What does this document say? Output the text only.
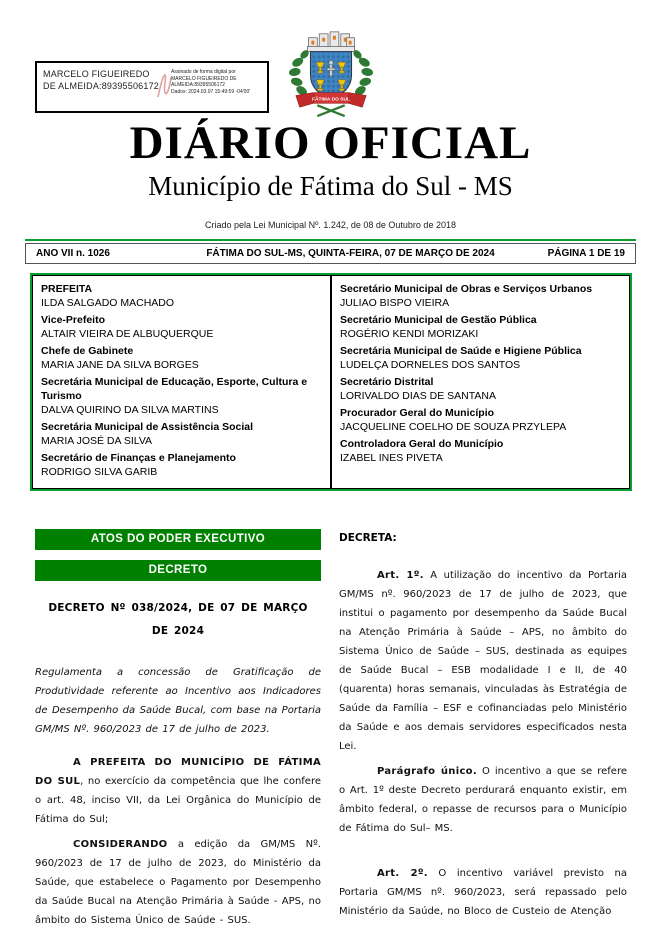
MARCELO FIGUEIREDO DE ALMEIDA:89395506172
Assinado de forma digital por
MARCELO FIGUEIREDO DE ALMEIDA:89395506172
Dados: 2024.03.07 15:49:59 -04'00'
FÁTIMA DO SUL
DIÁRIO OFICIAL
Município de Fátima do Sul - MS
Criado pela Lei Municipal Nº. 1.242, de 08 de Outubro de 2018
ANO VII n. 1026	FÁTIMA DO SUL-MS, QUINTA-FEIRA, 07 DE MARÇO DE 2024	PÁGINA 1 DE 19
PREFEITA
ILDA SALGADO MACHADO
Vice-Prefeito
ALTAIR VIEIRA DE ALBUQUERQUE
Chefe de Gabinete
MARIA JANE DA SILVA BORGES
Secretária Municipal de Educação, Esporte, Cultura e Turismo
DALVA QUIRINO DA SILVA MARTINS
Secretária Municipal de Assistência Social
MARIA JOSÉ DA SILVA
Secretário de Finanças e Planejamento
RODRIGO SILVA GARIB
Secretário Municipal de Obras e Serviços Urbanos
JULIAO BISPO VIEIRA
Secretário Municipal de Gestão Pública
ROGÉRIO KENDI MORIZAKI
Secretária Municipal de Saúde e Higiene Pública
LUDELÇA DORNELES DOS SANTOS
Secretário Distrital
LORIVALDO DIAS DE SANTANA
Procurador Geral do Município
JACQUELINE COELHO DE SOUZA PRZYLEPA
Controladora Geral do Município
IZABEL INES PIVETA
ATOS DO PODER EXECUTIVO
DECRETO
DECRETO Nº 038/2024, DE 07 DE MARÇO DE 2024

Regulamenta a concessão de Gratificação de Produtividade referente ao Incentivo aos Indicadores de Desempenho da Saúde Bucal, com base na Portaria GM/MS Nº. 960/2023 de 17 de julho de 2023.

A PREFEITA DO MUNICÍPIO DE FÁTIMA DO SUL, no exercício da competência que lhe confere o art. 48, inciso VII, da Lei Orgânica do Município de Fátima do Sul;

CONSIDERANDO a edição da GM/MS Nº. 960/2023 de 17 de julho de 2023, do Ministério da Saúde, que estabelece o Pagamento por Desempenho da Saúde Bucal na Atenção Primária à Saúde - APS, no âmbito do Sistema Único de Saúde - SUS.

DECRETA:

Art. 1º. A utilização do incentivo da Portaria GM/MS nº. 960/2023 de 17 de julho de 2023, que institui o pagamento por desempenho da Saúde Bucal na Atenção Primária à Saúde – APS, no âmbito do Sistema Único de Saúde – SUS, destinada as equipes de Saúde Bucal – ESB modalidade I e II, de 40 (quarenta) horas semanais, vinculadas às Estratégia de Saúde da Família – ESF e cofinanciadas pelo Ministério da Saúde e aos demais servidores especificados nesta Lei.

Parágrafo único. O incentivo a que se refere o Art. 1º deste Decreto perdurará enquanto existir, em âmbito federal, o repasse de recursos para o Município de Fátima do Sul– MS.

Art. 2º. O incentivo variável previsto na Portaria GM/MS nº. 960/2023, será repassado pelo Ministério da Saúde, no Bloco de Custeio de Atenção
